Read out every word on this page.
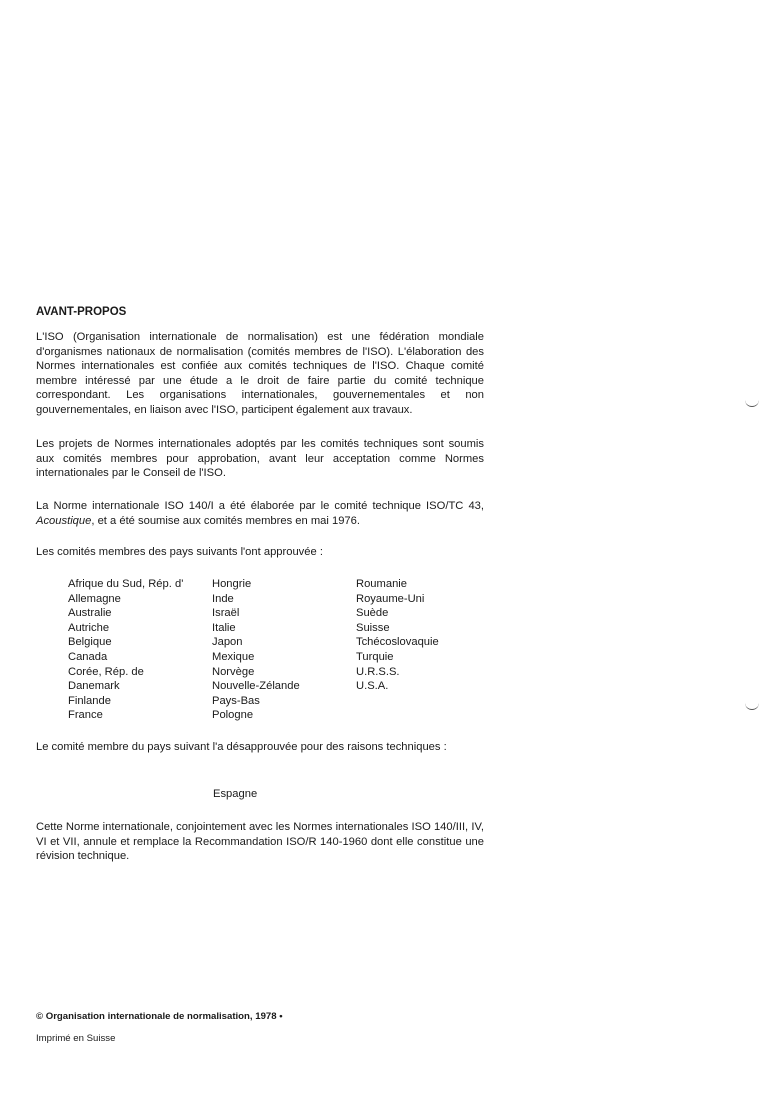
AVANT-PROPOS
L'ISO (Organisation internationale de normalisation) est une fédération mondiale d'organismes nationaux de normalisation (comités membres de l'ISO). L'élaboration des Normes internationales est confiée aux comités techniques de l'ISO. Chaque comité membre intéressé par une étude a le droit de faire partie du comité technique correspondant. Les organisations internationales, gouvernementales et non gouvernementales, en liaison avec l'ISO, participent également aux travaux.
Les projets de Normes internationales adoptés par les comités techniques sont soumis aux comités membres pour approbation, avant leur acceptation comme Normes internationales par le Conseil de l'ISO.
La Norme internationale ISO 140/I a été élaborée par le comité technique ISO/TC 43, Acoustique, et a été soumise aux comités membres en mai 1976.
Les comités membres des pays suivants l'ont approuvée :
Afrique du Sud, Rép. d'
Allemagne
Australie
Autriche
Belgique
Canada
Corée, Rép. de
Danemark
Finlande
France
Hongrie
Inde
Israël
Italie
Japon
Mexique
Norvège
Nouvelle-Zélande
Pays-Bas
Pologne
Roumanie
Royaume-Uni
Suède
Suisse
Tchécoslovaquie
Turquie
U.R.S.S.
U.S.A.
Le comité membre du pays suivant l'a désapprouvée pour des raisons techniques :
Espagne
Cette Norme internationale, conjointement avec les Normes internationales ISO 140/III, IV, VI et VII, annule et remplace la Recommandation ISO/R 140-1960 dont elle constitue une révision technique.
© Organisation internationale de normalisation, 1978 •
Imprimé en Suisse
